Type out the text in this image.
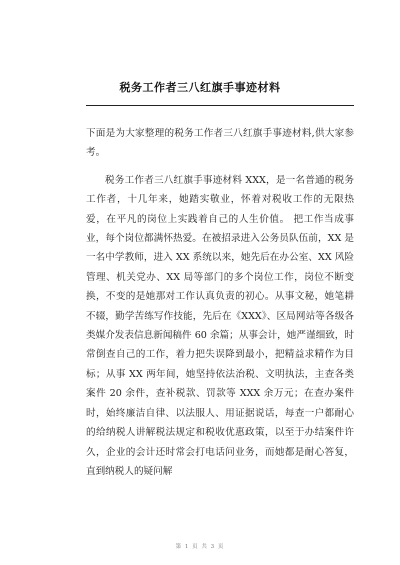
税务工作者三八红旗手事迹材料

下面是为大家整理的税务工作者三八红旗手事迹材料,供大家参考。

税务工作者三八红旗手事迹材料 XXX，是一名普通的税务工作者，十几年来，她踏实敬业，怀着对税收工作的无限热爱，在平凡的岗位上实践着自己的人生价值。 把工作当成事业，每个岗位都满怀热爱。在被招录进入公务员队伍前，XX 是一名中学教师，进入 XX 系统以来，她先后在办公室、XX 风险管理、机关党办、XX 局等部门的多个岗位工作，岗位不断变换，不变的是她那对工作认真负责的初心。从事文秘，她笔耕不辍，勤学苦练写作技能，先后在《XXX》、区局网站等各级各类媒介发表信息新闻稿件 60 余篇；从事会计，她严谨细致，时常倒查自己的工作，着力把失误降到最小，把精益求精作为目标；从事 XX 两年间，她坚持依法治税、文明执法，主查各类案件 20 余件，查补税款、罚款等 XXX 余万元；在查办案件时，始终廉洁自律、以法服人、用证据说话，每查一户都耐心的给纳税人讲解税法规定和税收优惠政策，以至于办结案件许久，企业的会计还时常会打电话问业务，而她都是耐心答复，直到纳税人的疑问解

第 1 页 共 3 页
